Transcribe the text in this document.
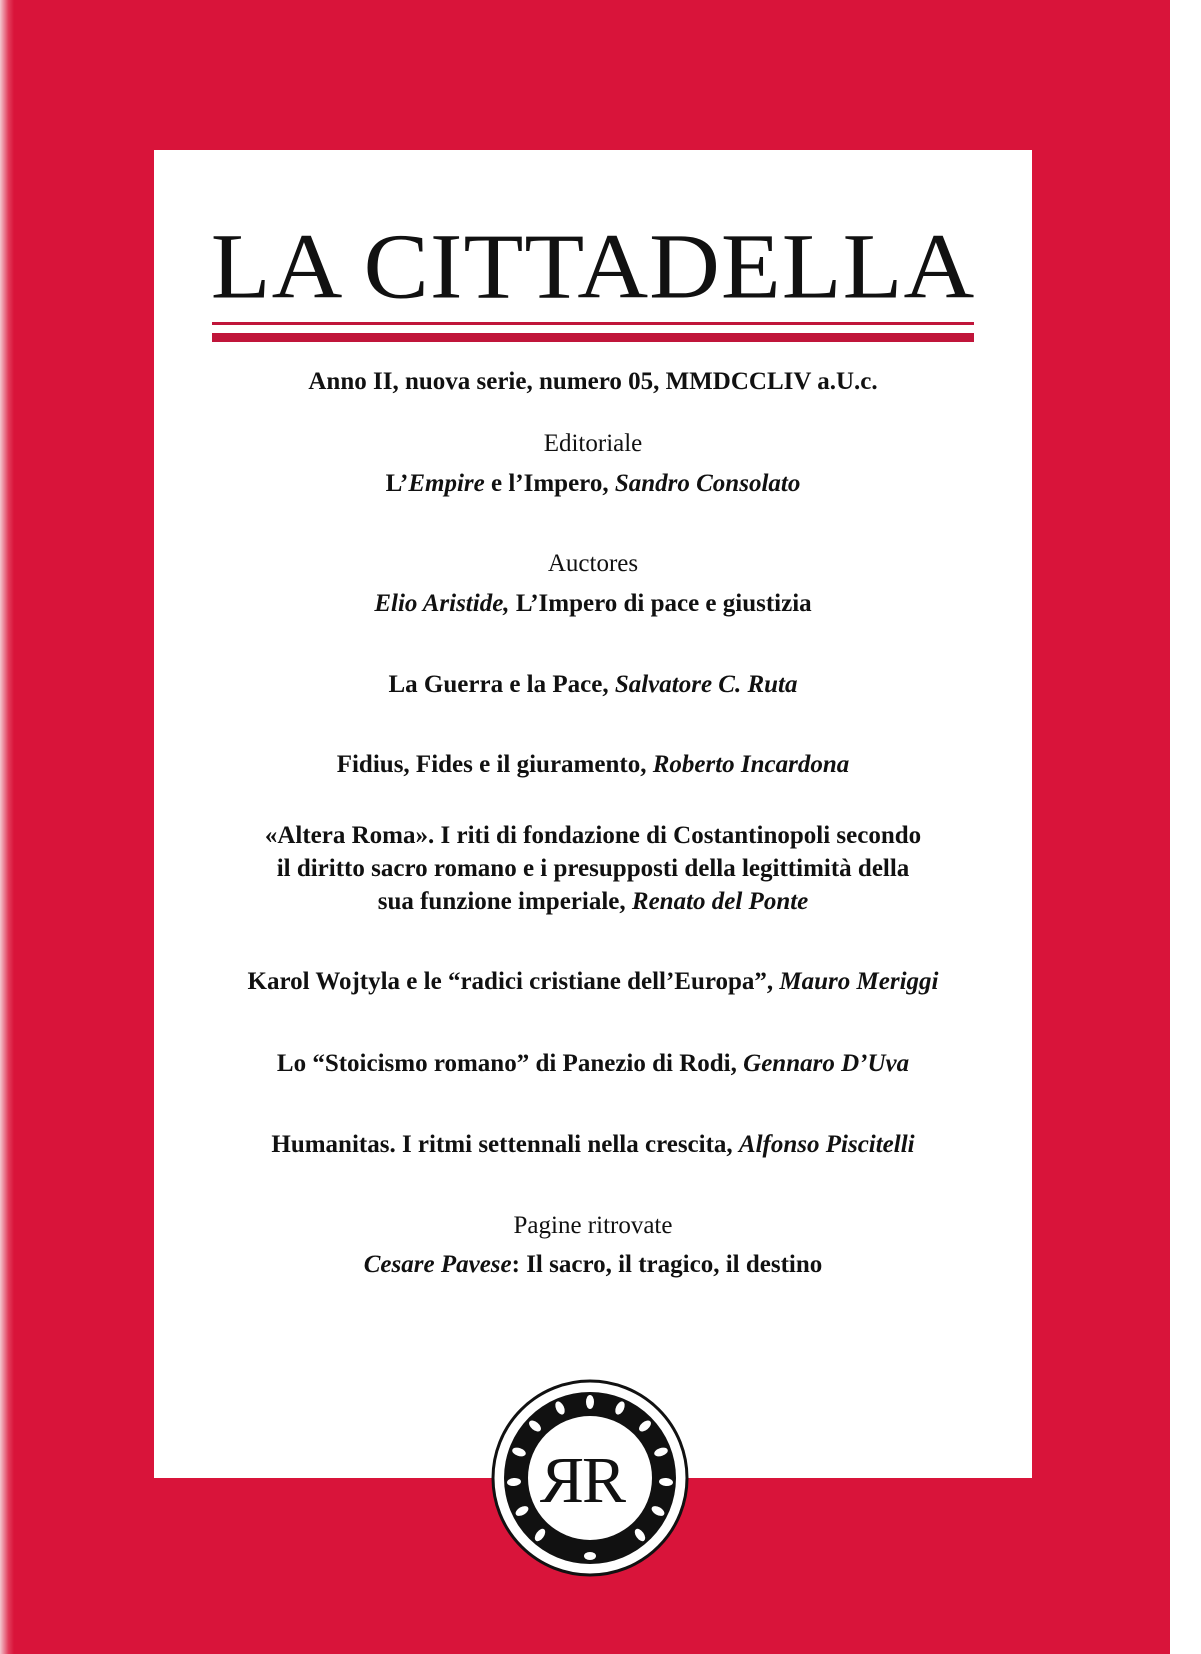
LA CITTADELLA
Anno II, nuova serie, numero 05, MMDCCLIV a.U.c.
Editoriale
L’Empire e l’Impero, Sandro Consolato
Auctores
Elio Aristide, L’Impero di pace e giustizia
La Guerra e la Pace, Salvatore C. Ruta
Fidius, Fides e il giuramento, Roberto Incardona
«Altera Roma». I riti di fondazione di Costantinopoli secondo
il diritto sacro romano e i presupposti della legittimità della
sua funzione imperiale, Renato del Ponte
Karol Wojtyla e le “radici cristiane dell’Europa”, Mauro Meriggi
Lo “Stoicismo romano” di Panezio di Rodi, Gennaro D’Uva
Humanitas. I ritmi settennali nella crescita, Alfonso Piscitelli
Pagine ritrovate
Cesare Pavese: Il sacro, il tragico, il destino
R
R
